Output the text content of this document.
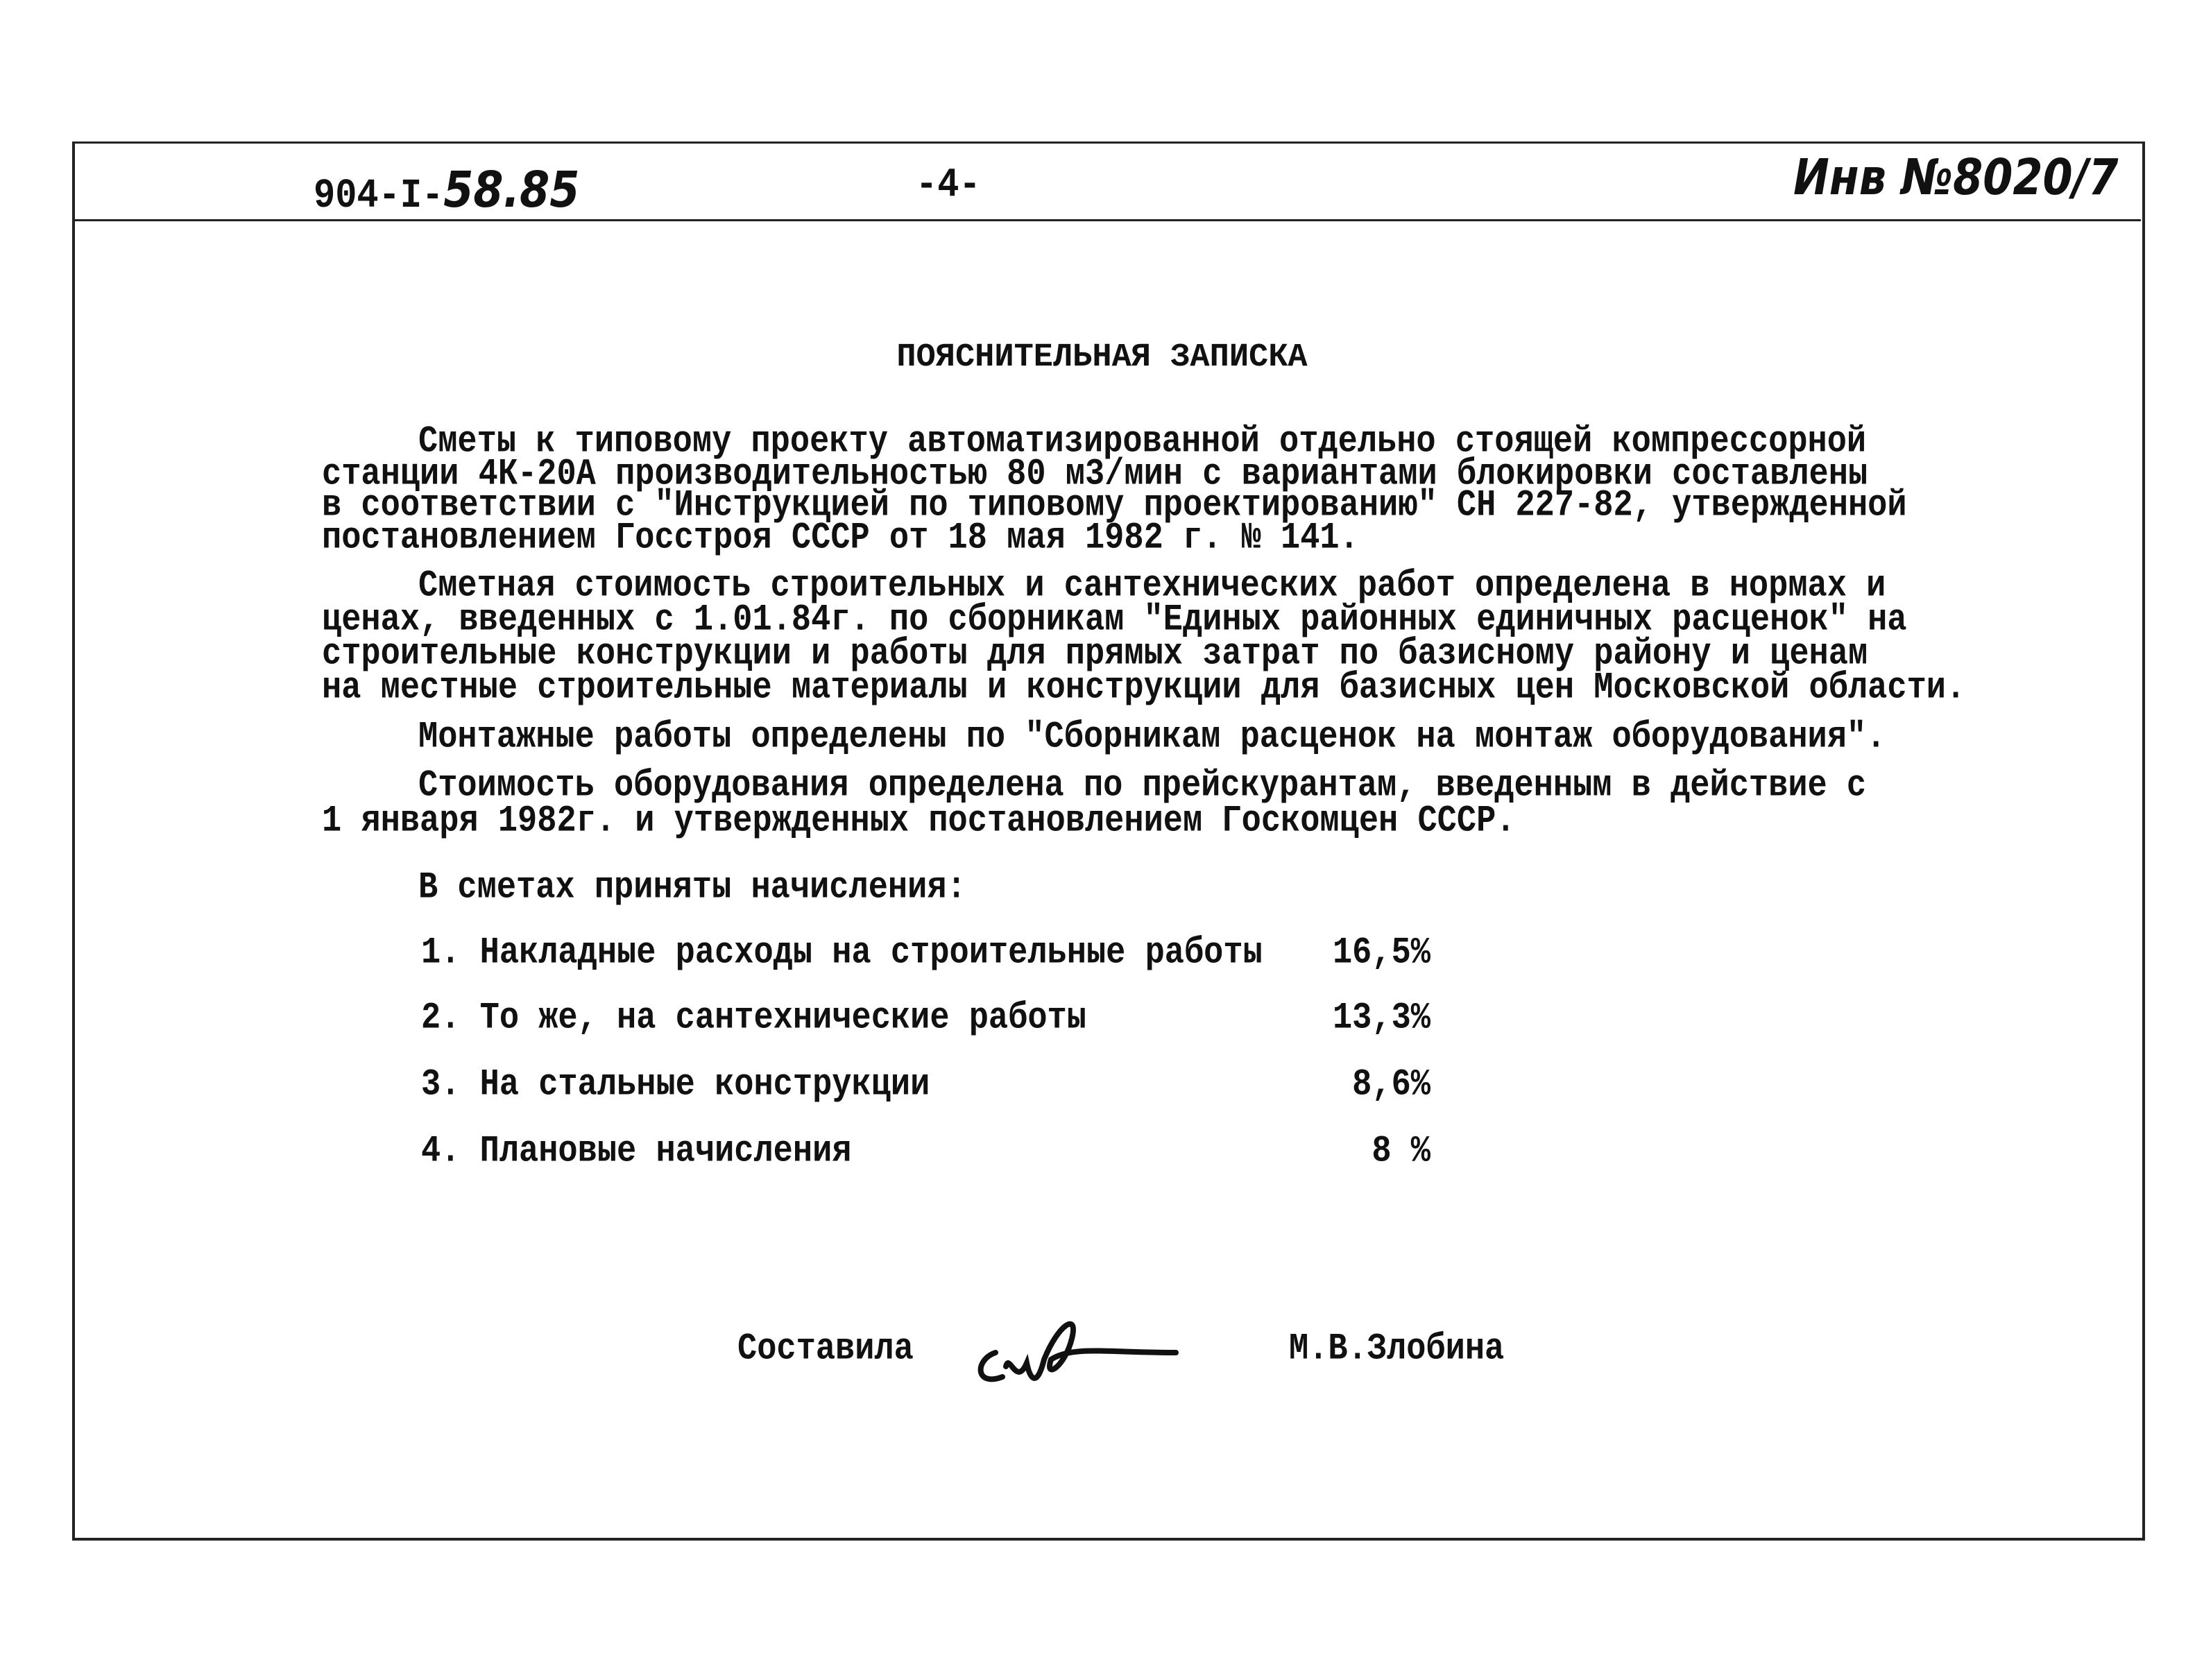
904-I-58.85	-4-	Инв №8020/7
ПОЯСНИТЕЛЬНАЯ ЗАПИСКА
Сметы к типовому проекту автоматизированной отдельно стоящей компрессорной
станции 4К-20А производительностью 80 м3/мин с вариантами блокировки составлены
в соответствии с "Инструкцией по типовому проектированию" СН 227-82, утвержденной
постановлением Госстроя СССР от 18 мая 1982 г. № 141.
Сметная стоимость строительных и сантехнических работ определена в нормах и
ценах, введенных с 1.01.84г. по сборникам "Единых районных единичных расценок" на
строительные конструкции и работы для прямых затрат по базисному району и ценам
на местные строительные материалы и конструкции для базисных цен Московской области.
Монтажные работы определены по "Сборникам расценок на монтаж оборудования".
Стоимость оборудования определена по прейскурантам, введенным в действие с
1 января 1982г. и утвержденных постановлением Госкомцен СССР.
В сметах приняты начисления:
1. Накладные расходы на строительные работы	16,5%
2. То же, на сантехнические работы	13,3%
3. На стальные конструкции	8,6%
4. Плановые начисления	8 %
Составила	М.В.Злобина
